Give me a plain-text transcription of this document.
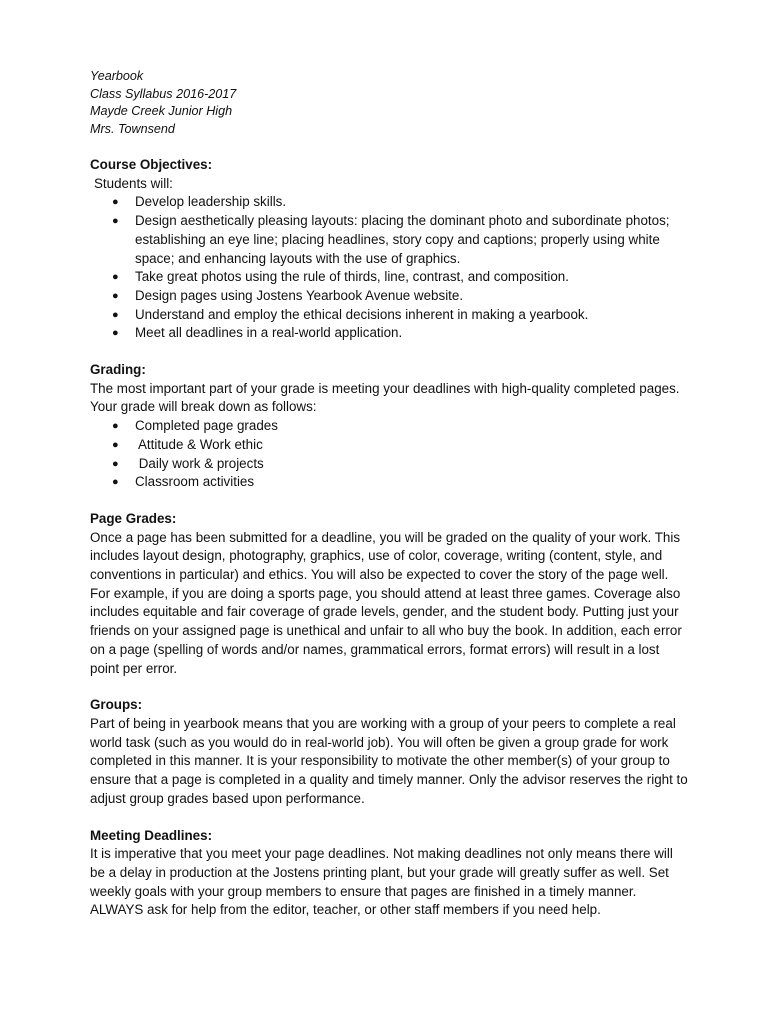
Yearbook
Class Syllabus 2016-2017
Mayde Creek Junior High
Mrs. Townsend
Course Objectives:
Students will:
● Develop leadership skills.
● Design aesthetically pleasing layouts: placing the dominant photo and subordinate photos; establishing an eye line; placing headlines, story copy and captions; properly using white space; and enhancing layouts with the use of graphics.
● Take great photos using the rule of thirds, line, contrast, and composition.
● Design pages using Jostens Yearbook Avenue website.
● Understand and employ the ethical decisions inherent in making a yearbook.
● Meet all deadlines in a real-world application.
Grading:
The most important part of your grade is meeting your deadlines with high-quality completed pages. Your grade will break down as follows:
● Completed page grades
● Attitude & Work ethic
● Daily work & projects
● Classroom activities
Page Grades:
Once a page has been submitted for a deadline, you will be graded on the quality of your work. This includes layout design, photography, graphics, use of color, coverage, writing (content, style, and conventions in particular) and ethics. You will also be expected to cover the story of the page well. For example, if you are doing a sports page, you should attend at least three games. Coverage also includes equitable and fair coverage of grade levels, gender, and the student body. Putting just your friends on your assigned page is unethical and unfair to all who buy the book. In addition, each error on a page (spelling of words and/or names, grammatical errors, format errors) will result in a lost point per error.
Groups:
Part of being in yearbook means that you are working with a group of your peers to complete a real world task (such as you would do in real-world job). You will often be given a group grade for work completed in this manner. It is your responsibility to motivate the other member(s) of your group to ensure that a page is completed in a quality and timely manner. Only the advisor reserves the right to adjust group grades based upon performance.
Meeting Deadlines:
It is imperative that you meet your page deadlines. Not making deadlines not only means there will be a delay in production at the Jostens printing plant, but your grade will greatly suffer as well. Set weekly goals with your group members to ensure that pages are finished in a timely manner. ALWAYS ask for help from the editor, teacher, or other staff members if you need help.
